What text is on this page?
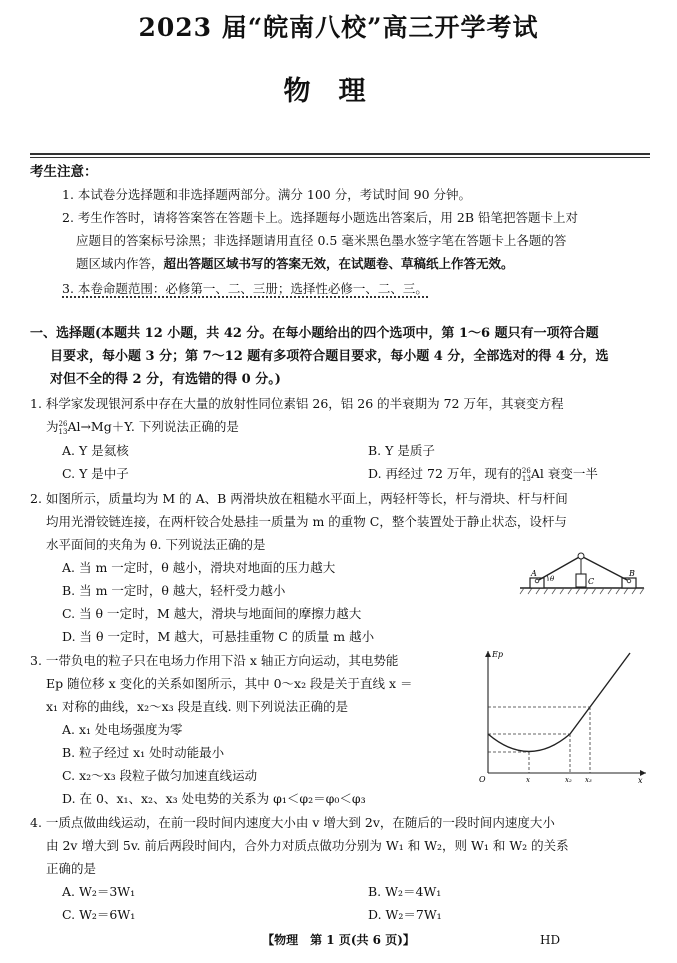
2023 届“皖南八校”高三开学考试
物理
考生注意：
1. 本试卷分选择题和非选择题两部分。满分 100 分，考试时间 90 分钟。
2. 考生作答时，请将答案答在答题卡上。选择题每小题选出答案后，用 2B 铅笔把答题卡上对
应题目的答案标号涂黑；非选择题请用直径 0.5 毫米黑色墨水签字笔在答题卡上各题的答
题区域内作答，超出答题区域书写的答案无效，在试题卷、草稿纸上作答无效。
3. 本卷命题范围：必修第一、二、三册；选择性必修一、二、三。
一、选择题(本题共 12 小题，共 42 分。在每小题给出的四个选项中，第 1～6 题只有一项符合题
目要求，每小题 3 分；第 7～12 题有多项符合题目要求，每小题 4 分，全部选对的得 4 分，选
对但不全的得 2 分，有选错的得 0 分。)
1. 科学家发现银河系中存在大量的放射性同位素铝 26，铝 26 的半衰期为 72 万年，其衰变方程
为26
13Al→Mg＋Y. 下列说法正确的是
A. Y 是氦核	B. Y 是质子
C. Y 是中子	D. 再经过 72 万年，现有的26
13Al 衰变一半
2. 如图所示，质量均为 M 的 A、B 两滑块放在粗糙水平面上，两轻杆等长，杆与滑块、杆与杆间
均用光滑铰链连接，在两杆铰合处悬挂一质量为 m 的重物 C，整个装置处于静止状态，设杆与
水平面间的夹角为 θ. 下列说法正确的是
A. 当 m 一定时，θ 越小，滑块对地面的压力越大
B. 当 m 一定时，θ 越大，轻杆受力越小
C. 当 θ 一定时，M 越大，滑块与地面间的摩擦力越大
D. 当 θ 一定时，M 越大，可悬挂重物 C 的质量 m 越小
A	B
C
θ
3. 一带负电的粒子只在电场力作用下沿 x 轴正方向运动，其电势能
Ep 随位移 x 变化的关系如图所示，其中 0～x₂ 段是关于直线 x ＝
x₁ 对称的曲线，x₂～x₃ 段是直线. 则下列说法正确的是
A. x₁ 处电场强度为零
B. 粒子经过 x₁ 处时动能最小
C. x₂～x₃ 段粒子做匀加速直线运动
D. 在 0、x₁、x₂、x₃ 处电势的关系为 φ₁＜φ₂＝φ₀＜φ₃
Ep
O	x	x₂ x₃	x
4. 一质点做曲线运动，在前一段时间内速度大小由 v 增大到 2v，在随后的一段时间内速度大小
由 2v 增大到 5v. 前后两段时间内，合外力对质点做功分别为 W₁ 和 W₂，则 W₁ 和 W₂ 的关系
正确的是
A. W₂＝3W₁	B. W₂＝4W₁
C. W₂＝6W₁	D. W₂＝7W₁
【物理　第 1 页(共 6 页)】	HD
